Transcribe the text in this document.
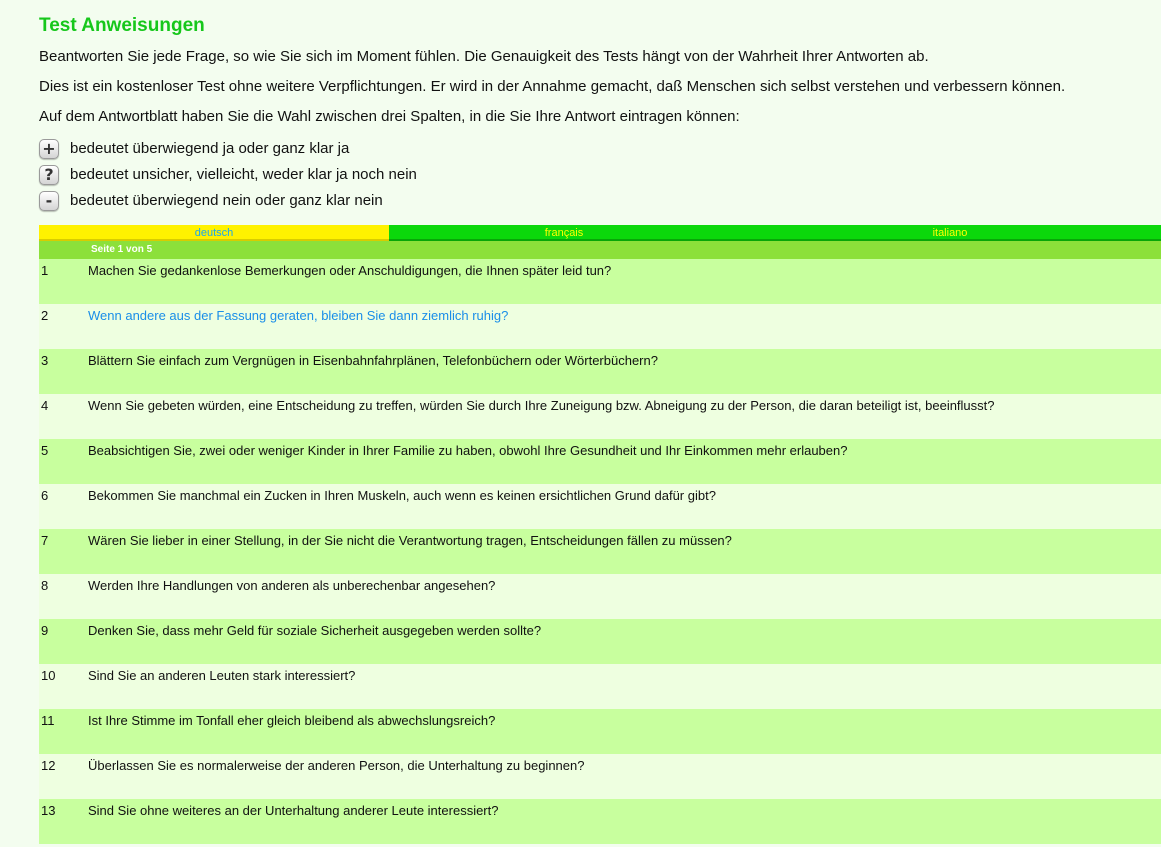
Test Anweisungen

Beantworten Sie jede Frage, so wie Sie sich im Moment fühlen. Die Genauigkeit des Tests hängt von der Wahrheit Ihrer Antworten ab.

Dies ist ein kostenloser Test ohne weitere Verpflichtungen. Er wird in der Annahme gemacht, daß Menschen sich selbst verstehen und verbessern können.

Auf dem Antwortblatt haben Sie die Wahl zwischen drei Spalten, in die Sie Ihre Antwort eintragen können:

+ bedeutet überwiegend ja oder ganz klar ja
?	bedeutet unsicher, vielleicht, weder klar ja noch nein
-	bedeutet überwiegend nein oder ganz klar nein
deutsch	français	italiano
Seite 1 von 5
1	Machen Sie gedankenlose Bemerkungen oder Anschuldigungen, die Ihnen später leid tun?
2	Wenn andere aus der Fassung geraten, bleiben Sie dann ziemlich ruhig?
3	Blättern Sie einfach zum Vergnügen in Eisenbahnfahrplänen, Telefonbüchern oder Wörterbüchern?
4	Wenn Sie gebeten würden, eine Entscheidung zu treffen, würden Sie durch Ihre Zuneigung bzw. Abneigung zu der Person, die daran beteiligt ist, beeinflusst?
5	Beabsichtigen Sie, zwei oder weniger Kinder in Ihrer Familie zu haben, obwohl Ihre Gesundheit und Ihr Einkommen mehr erlauben?
6	Bekommen Sie manchmal ein Zucken in Ihren Muskeln, auch wenn es keinen ersichtlichen Grund dafür gibt?
7	Wären Sie lieber in einer Stellung, in der Sie nicht die Verantwortung tragen, Entscheidungen fällen zu müssen?
8	Werden Ihre Handlungen von anderen als unberechenbar angesehen?
9	Denken Sie, dass mehr Geld für soziale Sicherheit ausgegeben werden sollte?
10	Sind Sie an anderen Leuten stark interessiert?
11	Ist Ihre Stimme im Tonfall eher gleich bleibend als abwechslungsreich?
12	Überlassen Sie es normalerweise der anderen Person, die Unterhaltung zu beginnen?
13	Sind Sie ohne weiteres an der Unterhaltung anderer Leute interessiert?
